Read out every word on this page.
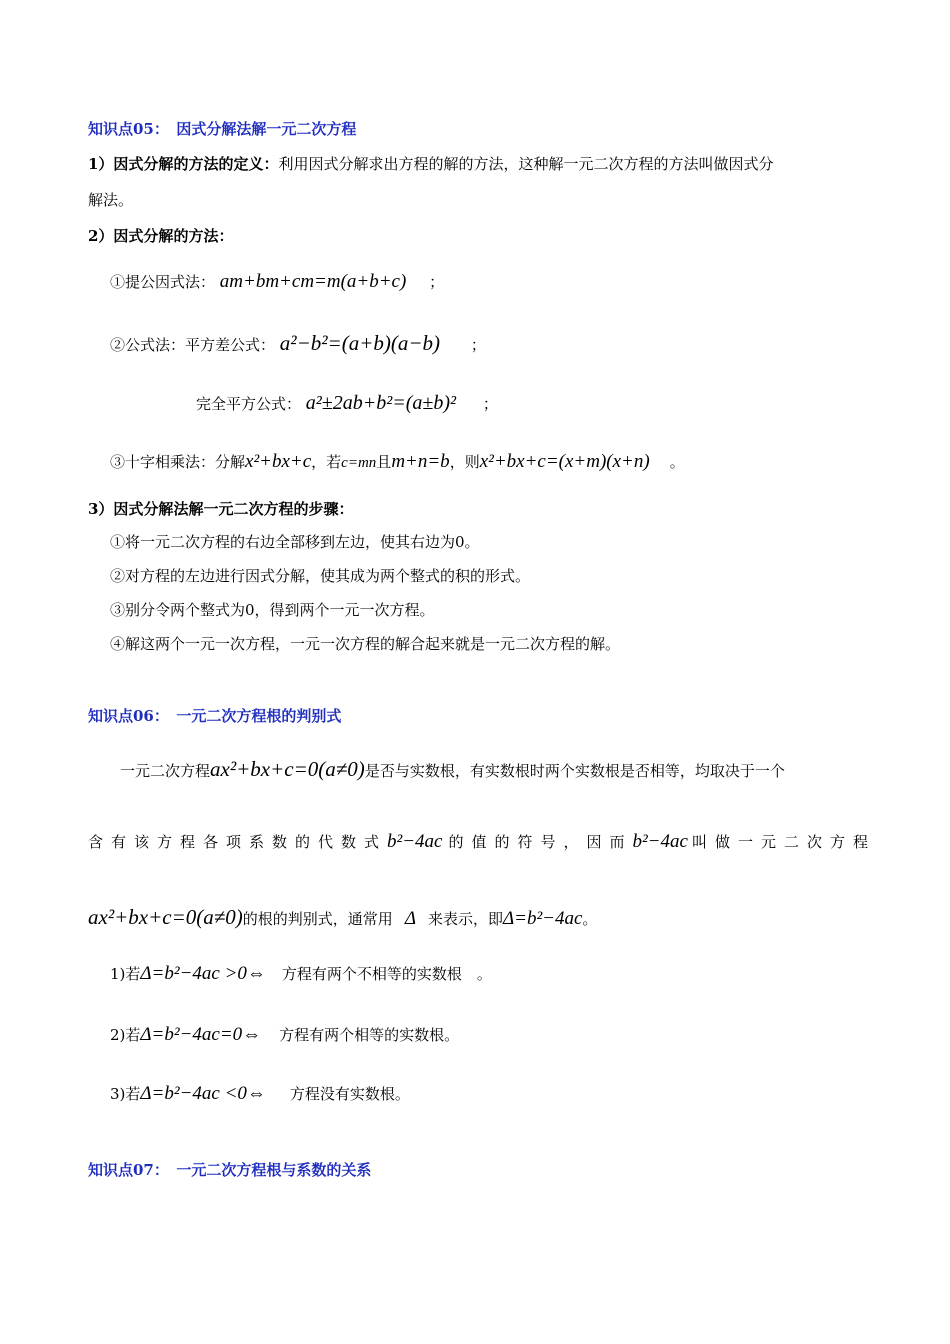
知识点05：　因式分解法解一元二次方程
1）因式分解的方法的定义：利用因式分解求出方程的解的方法，这种解一元二次方程的方法叫做因式分
解法。
2）因式分解的方法：
①提公因式法： am+bm+cm=m(a+b+c) ；
②公式法：平方差公式： a²−b²=(a+b)(a−b) ；
完全平方公式： a²±2ab+b²=(a±b)² ；
③十字相乘法：分解x²+bx+c，若c=mn且m+n=b，则x²+bx+c=(x+m)(x+n) 。
3）因式分解法解一元二次方程的步骤：
①将一元二次方程的右边全部移到左边，使其右边为0。
②对方程的左边进行因式分解，使其成为两个整式的积的形式。
③别分令两个整式为0，得到两个一元一次方程。
④解这两个一元一次方程，一元一次方程的解合起来就是一元二次方程的解。
知识点06：　一元二次方程根的判别式
一元二次方程ax²+bx+c=0(a≠0)是否与实数根，有实数根时两个实数根是否相等，均取决于一个
含有该方程各项系数的代数式b²−4ac 的值的符号，因而b²−4ac 叫做一元二次方程
ax²+bx+c=0(a≠0)的根的判别式，通常用 Δ 来表示，即Δ=b²−4ac。
1)若Δ=b²−4ac >0⇔ 方程有两个不相等的实数根　。
2)若Δ=b²−4ac=0⇔ 方程有两个相等的实数根。
3)若Δ=b²−4ac <0⇔ 方程没有实数根。
知识点07：　一元二次方程根与系数的关系
